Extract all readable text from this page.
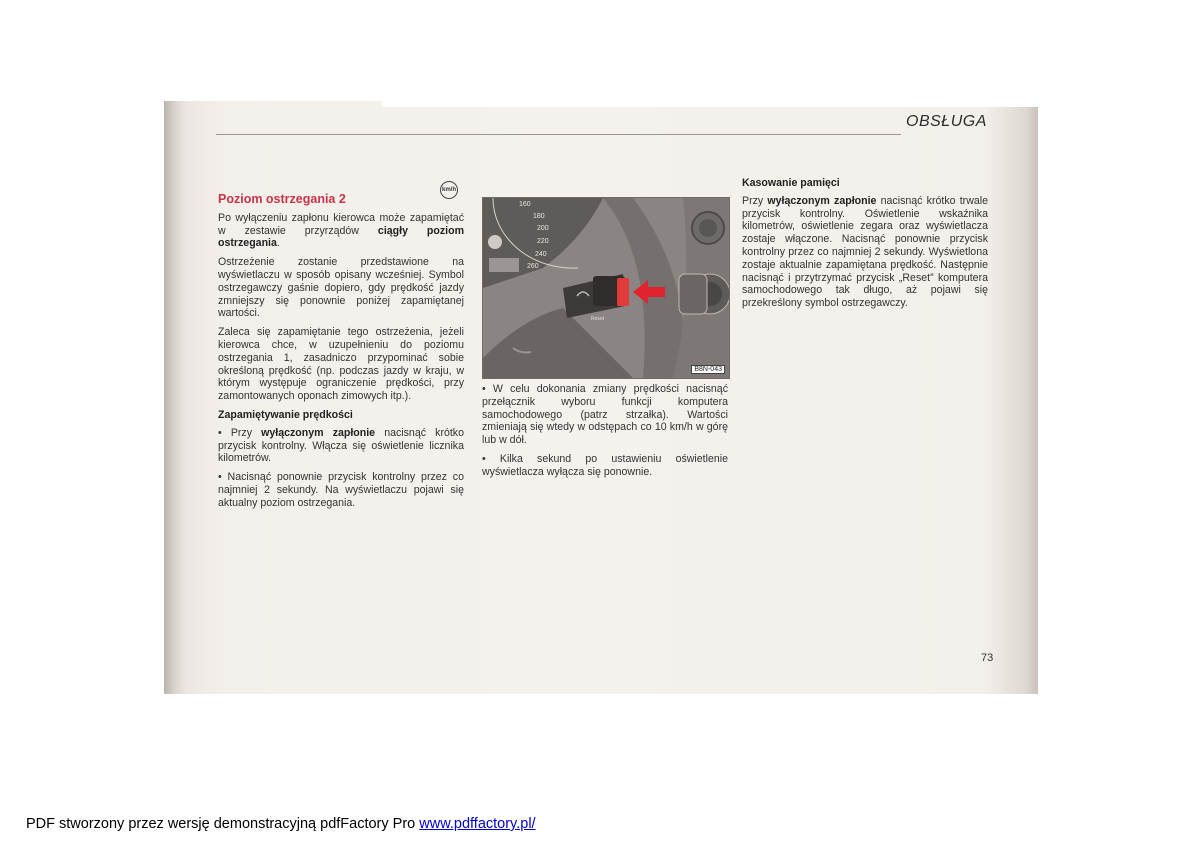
OBSŁUGA
Poziom ostrzegania 2
km/h

Po wyłączeniu zapłonu kierowca może zapamiętać w zestawie przyrządów ciągły poziom ostrzegania.

Ostrzeżenie zostanie przedstawione na wyświetlaczu w sposób opisany wcześniej. Symbol ostrzegawczy gaśnie dopiero, gdy prędkość jazdy zmniejszy się ponownie poniżej zapamiętanej wartości.

Zaleca się zapamiętanie tego ostrzeżenia, jeżeli kierowca chce, w uzupełnieniu do poziomu ostrzegania 1, zasadniczo przypominać sobie określoną prędkość (np. podczas jazdy w kraju, w którym występuje ograniczenie prędkości, przy zamontowanych oponach zimowych itp.).

Zapamiętywanie prędkości

• Przy wyłączonym zapłonie nacisnąć krótko przycisk kontrolny. Włącza się oświetlenie licznika kilometrów.

• Nacisnąć ponownie przycisk kontrolny przez co najmniej 2 sekundy. Na wyświetlaczu pojawi się aktualny poziom ostrzegania.

160
180
200
220
240
260
Reset
B8N-043

• W celu dokonania zmiany prędkości nacisnąć przełącznik wyboru funkcji komputera samochodowego (patrz strzałka). Wartości zmieniają się wtedy w odstępach co 10 km/h w górę lub w dół.

• Kilka sekund po ustawieniu oświetlenie wyświetlacza wyłącza się ponownie.

Kasowanie pamięci

Przy wyłączonym zapłonie nacisnąć krótko trwale przycisk kontrolny. Oświetlenie wskaźnika kilometrów, oświetlenie zegara oraz wyświetlacza zostaje włączone. Nacisnąć ponownie przycisk kontrolny przez co najmniej 2 sekundy. Wyświetlona zostaje aktualnie zapamiętana prędkość. Następnie nacisnąć i przytrzymać przycisk „Reset” komputera samochodowego tak długo, aż pojawi się przekreślony symbol ostrzegawczy.

73
PDF stworzony przez wersję demonstracyjną pdfFactory Pro www.pdffactory.pl/
